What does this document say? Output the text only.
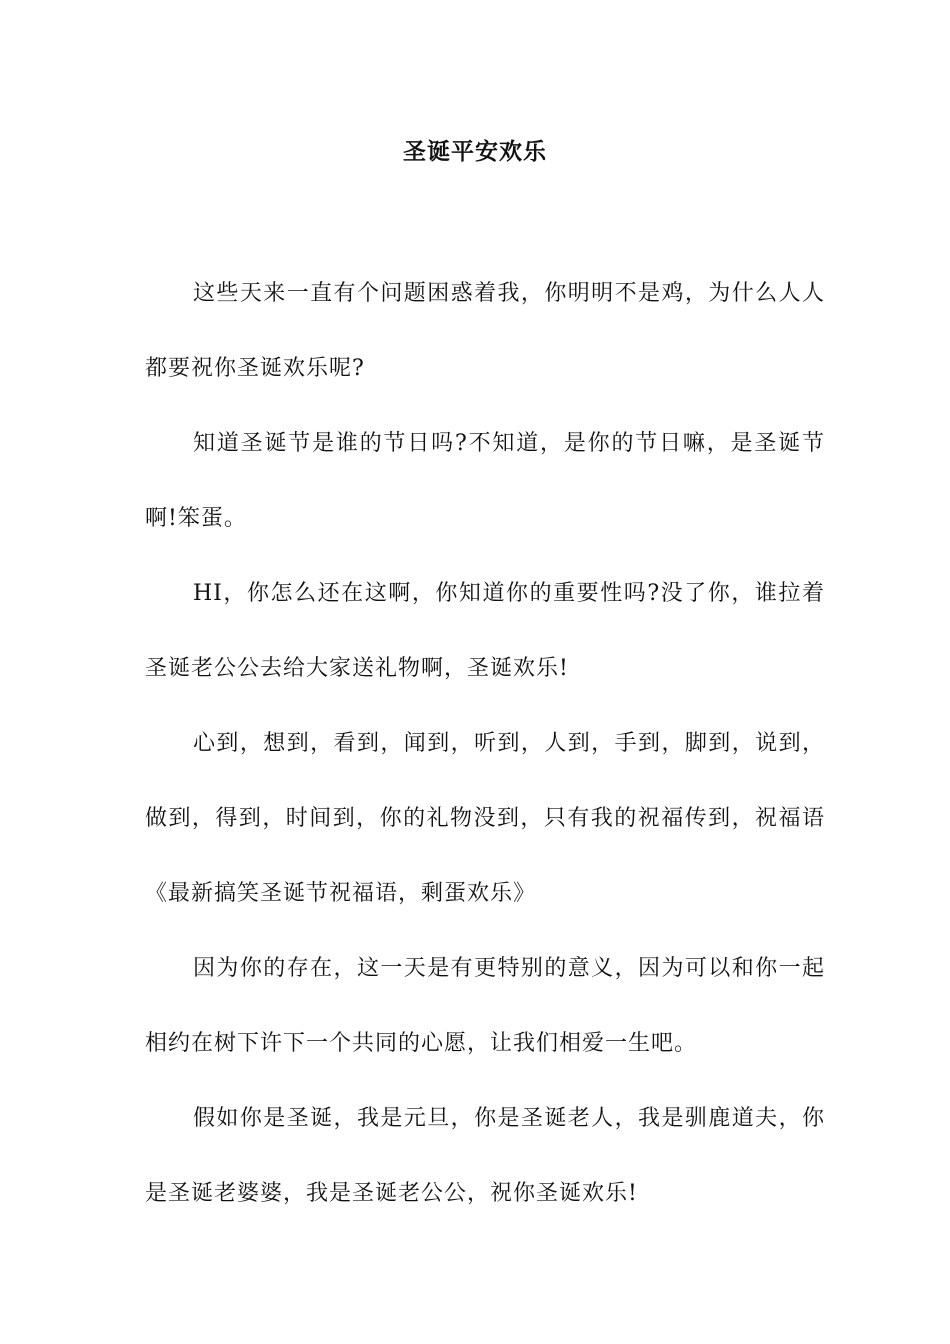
圣诞平安欢乐

这些天来一直有个问题困惑着我，你明明不是鸡，为什么人人都要祝你圣诞欢乐呢?

知道圣诞节是谁的节日吗?不知道，是你的节日嘛，是圣诞节啊!笨蛋。

HI，你怎么还在这啊，你知道你的重要性吗?没了你，谁拉着圣诞老公公去给大家送礼物啊，圣诞欢乐!

心到，想到，看到，闻到，听到，人到，手到，脚到，说到，做到，得到，时间到，你的礼物没到，只有我的祝福传到，祝福语《最新搞笑圣诞节祝福语，剩蛋欢乐》

因为你的存在，这一天是有更特别的意义，因为可以和你一起相约在树下许下一个共同的心愿，让我们相爱一生吧。

假如你是圣诞，我是元旦，你是圣诞老人，我是驯鹿道夫，你是圣诞老婆婆，我是圣诞老公公，祝你圣诞欢乐!
